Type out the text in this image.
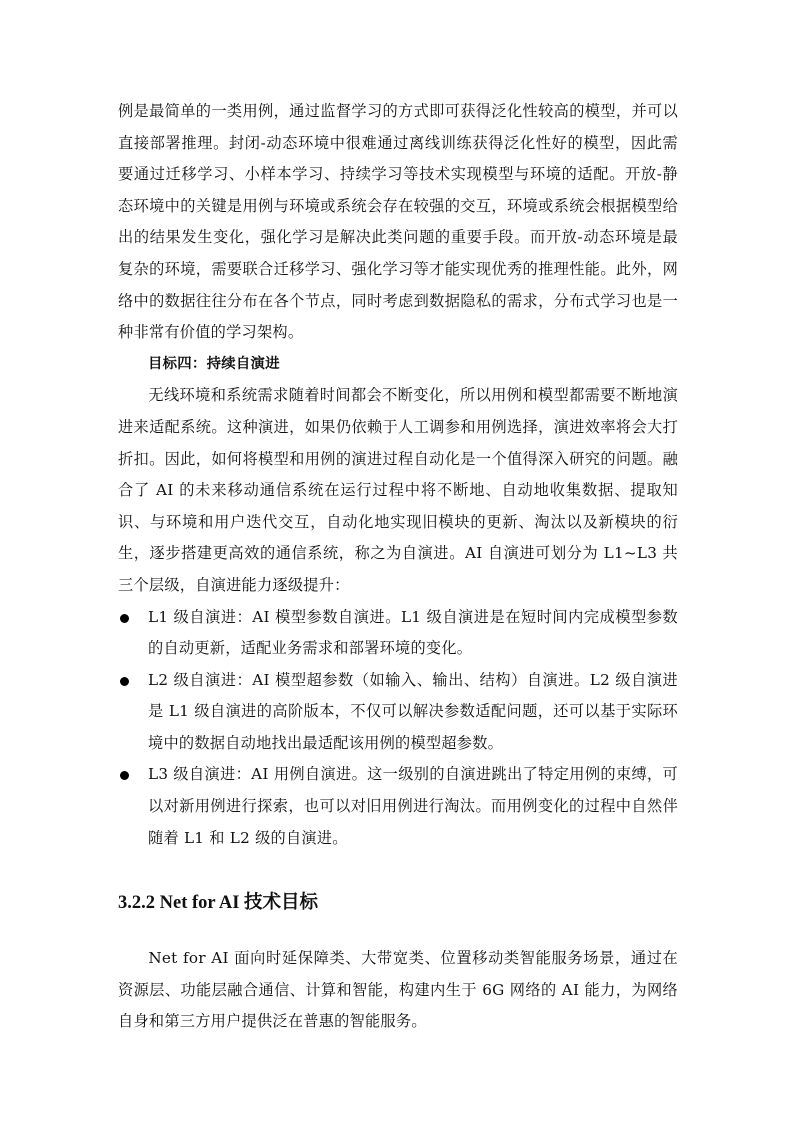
例是最简单的一类用例，通过监督学习的方式即可获得泛化性较高的模型，并可以直接部署推理。封闭-动态环境中很难通过离线训练获得泛化性好的模型，因此需要通过迁移学习、小样本学习、持续学习等技术实现模型与环境的适配。开放-静态环境中的关键是用例与环境或系统会存在较强的交互，环境或系统会根据模型给出的结果发生变化，强化学习是解决此类问题的重要手段。而开放-动态环境是最复杂的环境，需要联合迁移学习、强化学习等才能实现优秀的推理性能。此外，网络中的数据往往分布在各个节点，同时考虑到数据隐私的需求，分布式学习也是一种非常有价值的学习架构。

目标四：持续自演进

无线环境和系统需求随着时间都会不断变化，所以用例和模型都需要不断地演进来适配系统。这种演进，如果仍依赖于人工调参和用例选择，演进效率将会大打折扣。因此，如何将模型和用例的演进过程自动化是一个值得深入研究的问题。融合了 AI 的未来移动通信系统在运行过程中将不断地、自动地收集数据、提取知识、与环境和用户迭代交互，自动化地实现旧模块的更新、淘汰以及新模块的衍生，逐步搭建更高效的通信系统，称之为自演进。AI 自演进可划分为 L1~L3 共三个层级，自演进能力逐级提升：

L1 级自演进：AI 模型参数自演进。L1 级自演进是在短时间内完成模型参数的自动更新，适配业务需求和部署环境的变化。
L2 级自演进：AI 模型超参数（如输入、输出、结构）自演进。L2 级自演进是 L1 级自演进的高阶版本，不仅可以解决参数适配问题，还可以基于实际环境中的数据自动地找出最适配该用例的模型超参数。
L3 级自演进：AI 用例自演进。这一级别的自演进跳出了特定用例的束缚，可以对新用例进行探索，也可以对旧用例进行淘汰。而用例变化的过程中自然伴随着 L1 和 L2 级的自演进。
3.2.2 Net for AI 技术目标

Net for AI 面向时延保障类、大带宽类、位置移动类智能服务场景，通过在资源层、功能层融合通信、计算和智能，构建内生于 6G 网络的 AI 能力，为网络自身和第三方用户提供泛在普惠的智能服务。
